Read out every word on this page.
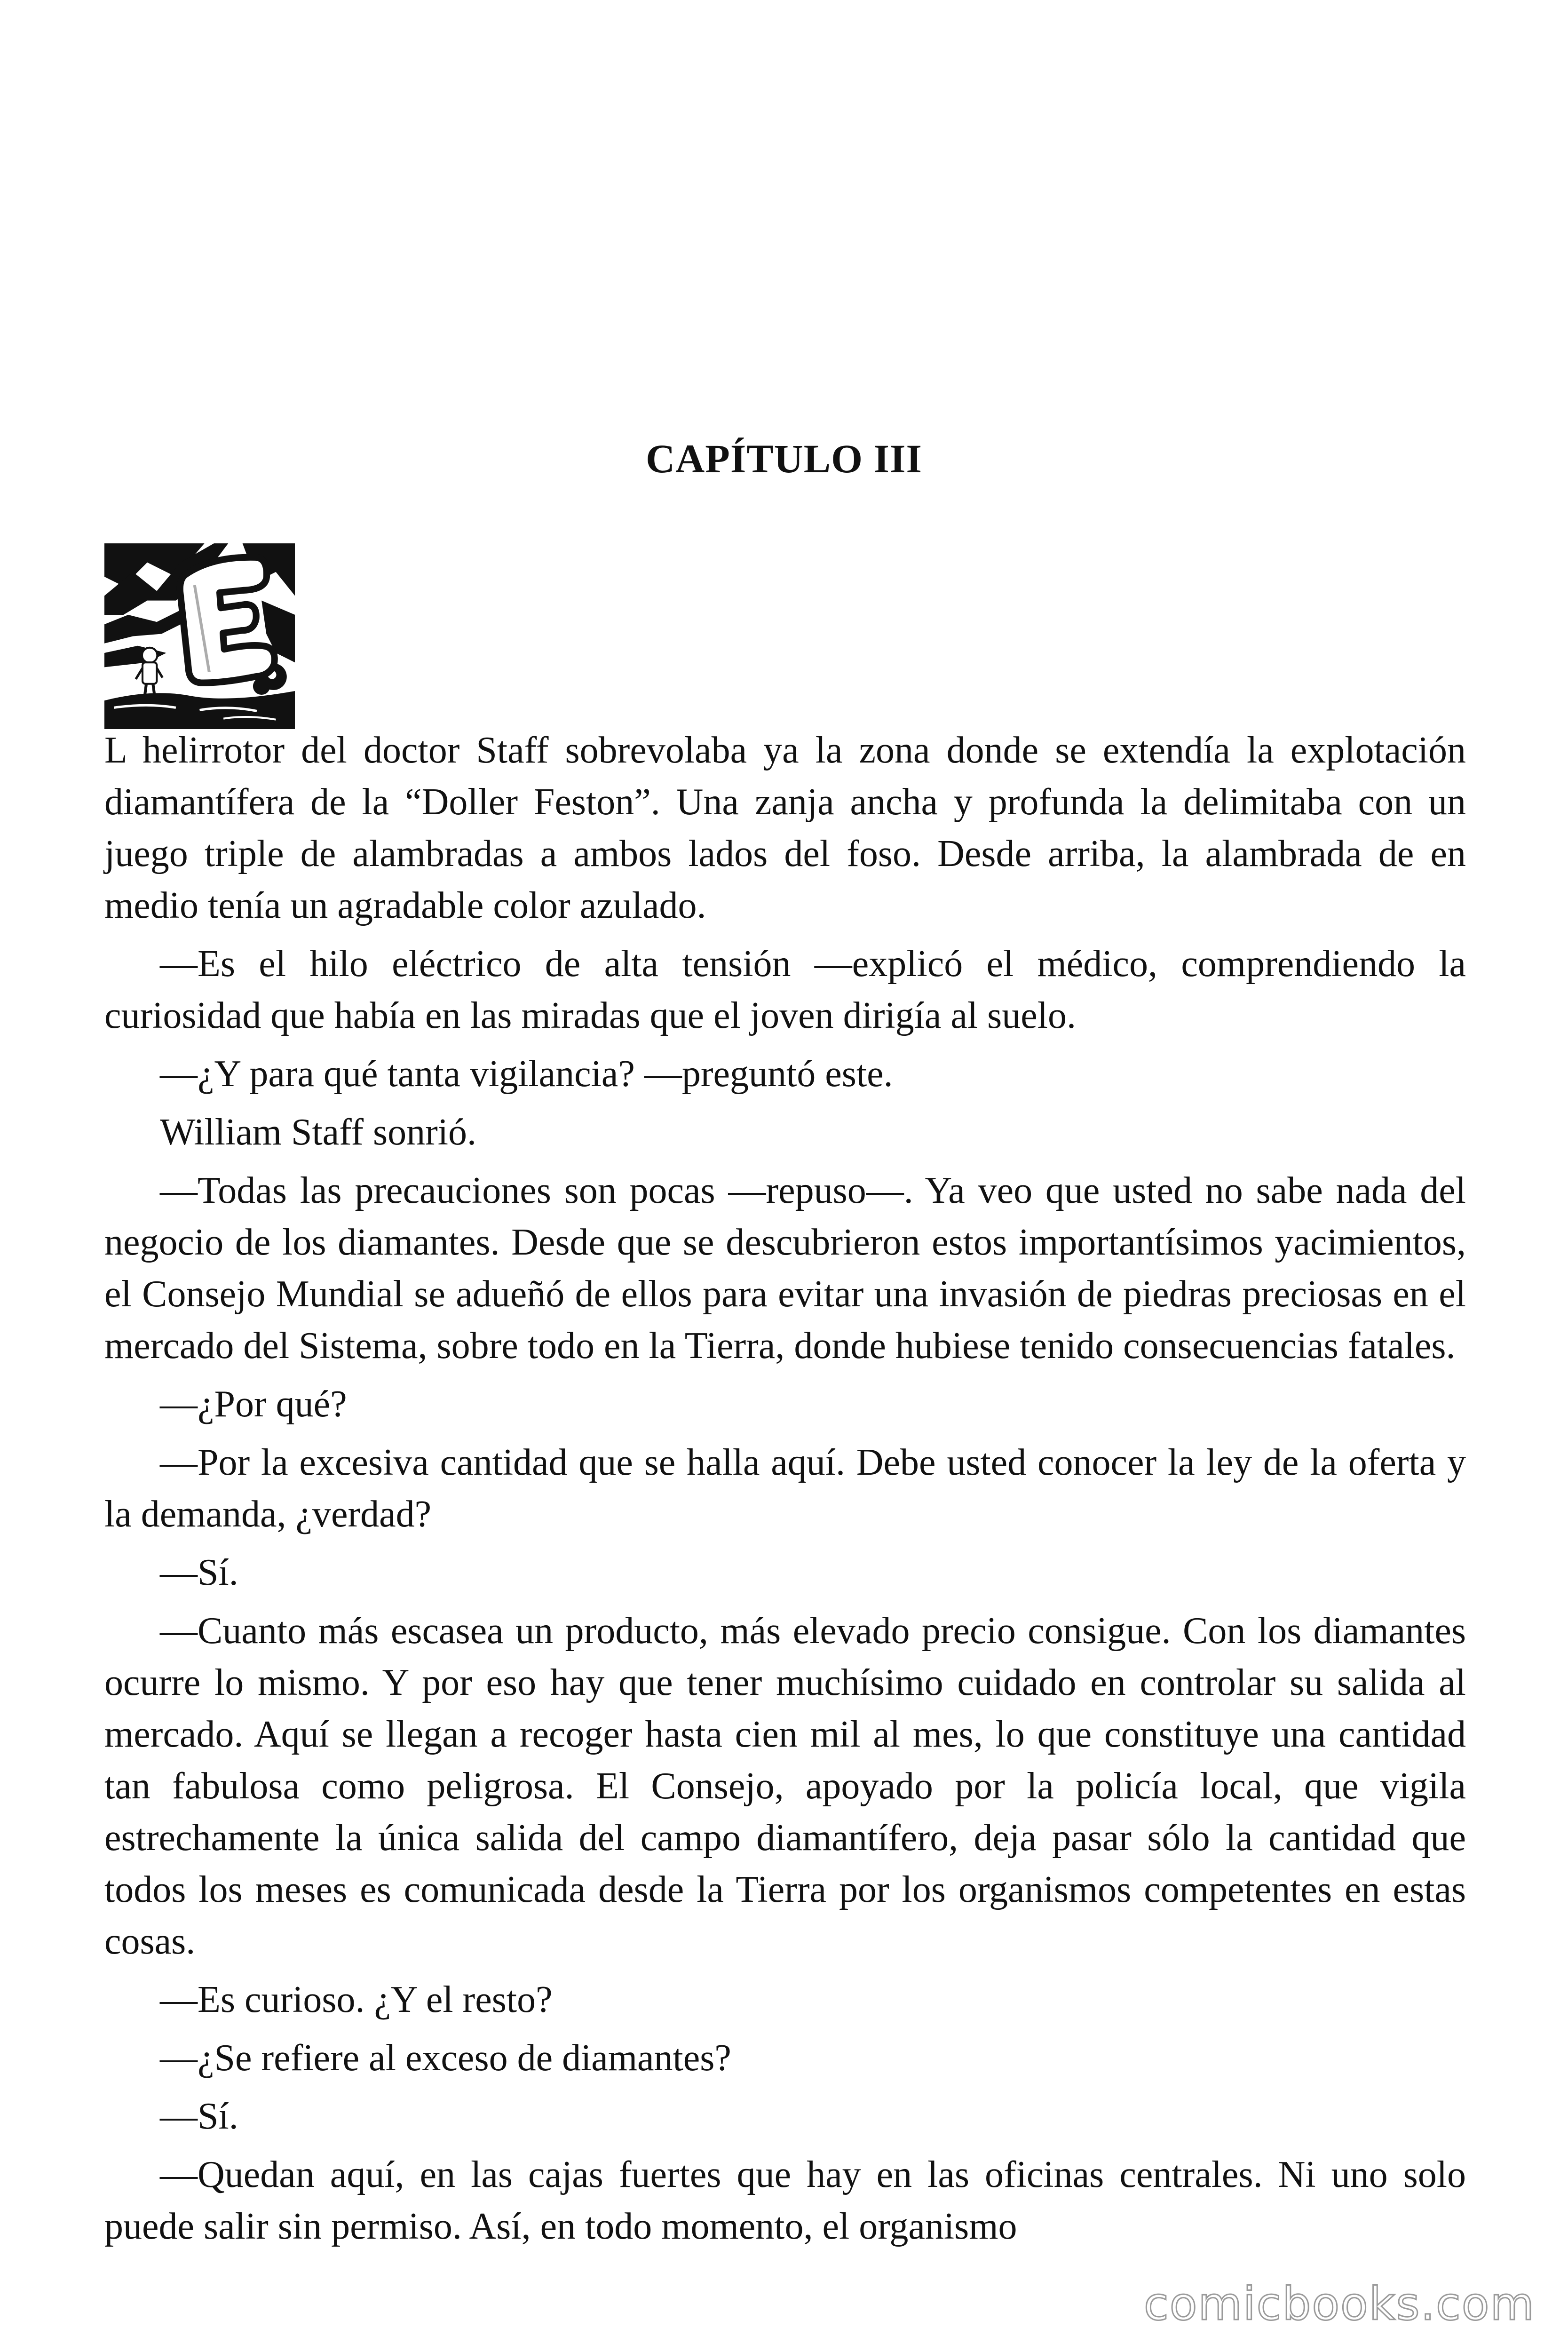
CAPÍTULO III

L helirrotor del doctor Staff sobrevolaba ya la zona donde se extendía la explotación diamantífera de la “Doller Feston”. Una zanja ancha y profunda la delimitaba con un juego triple de alambradas a ambos lados del foso. Desde arriba, la alambrada de en medio tenía un agradable color azulado.

—Es el hilo eléctrico de alta tensión —explicó el médico, comprendiendo la curiosidad que había en las miradas que el joven dirigía al suelo.

—¿Y para qué tanta vigilancia? —preguntó este.

William Staff sonrió.

—Todas las precauciones son pocas —repuso—. Ya veo que usted no sabe nada del negocio de los diamantes. Desde que se descubrieron estos importantísimos yacimientos, el Consejo Mundial se adueñó de ellos para evitar una invasión de piedras preciosas en el mercado del Sistema, sobre todo en la Tierra, donde hubiese tenido consecuencias fatales.

—¿Por qué?

—Por la excesiva cantidad que se halla aquí. Debe usted conocer la ley de la oferta y la demanda, ¿verdad?

—Sí.

—Cuanto más escasea un producto, más elevado precio consigue. Con los diamantes ocurre lo mismo. Y por eso hay que tener muchísimo cuidado en controlar su salida al mercado. Aquí se llegan a recoger hasta cien mil al mes, lo que constituye una cantidad tan fabulosa como peligrosa. El Consejo, apoyado por la policía local, que vigila estrechamente la única salida del campo diamantífero, deja pasar sólo la cantidad que todos los meses es comunicada desde la Tierra por los organismos competentes en estas cosas.

—Es curioso. ¿Y el resto?

—¿Se refiere al exceso de diamantes?

—Sí.

—Quedan aquí, en las cajas fuertes que hay en las oficinas centrales. Ni uno solo puede salir sin permiso. Así, en todo momento, el organismo

comicbooks.com
